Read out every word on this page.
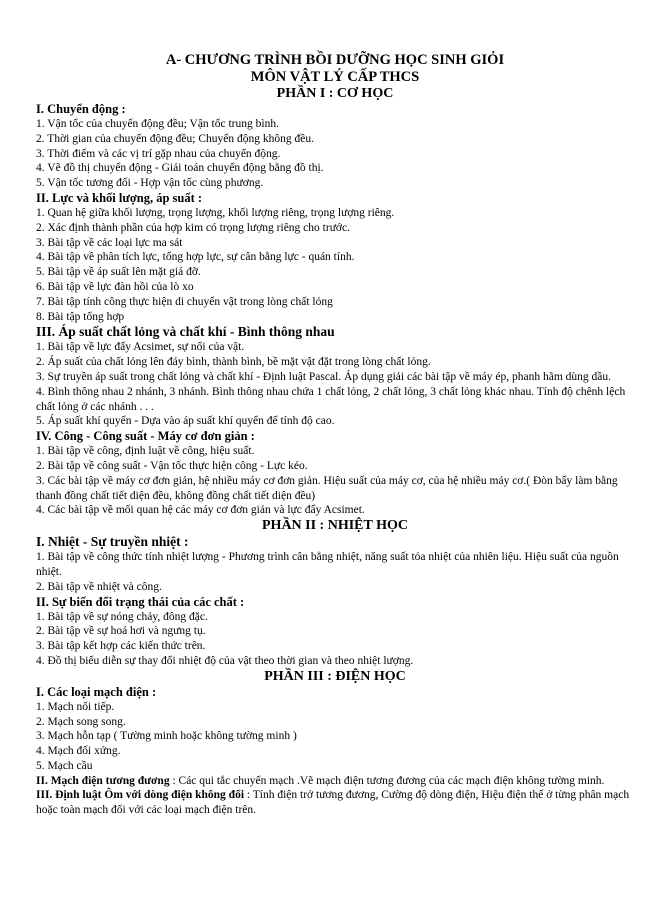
A- CHƯƠNG TRÌNH BỒI DƯỠNG HỌC SINH GIỎI

MÔN VẬT LÝ CẤP THCS

PHẦN I : CƠ HỌC

I. Chuyển động :

1. Vận tốc của chuyển động đều; Vận tốc trung bình.

2. Thời gian của chuyển động đều; Chuyển động không đều.

3. Thời điểm và các vị trí gặp nhau của chuyển động.

4. Vẽ đồ thị chuyển động - Giải toán chuyển động bằng đồ thị.

5. Vận tốc tương đối - Hợp vận tốc cùng phương.

II. Lực và khối lượng, áp suất :

1. Quan hệ giữa khối lượng, trọng lượng, khối lượng riêng, trọng lượng riêng.

2. Xác định thành phần của hợp kim có trọng lượng riêng cho trước.

3. Bài tập về các loại lực ma sát

4. Bài tập về phân tích lực, tổng hợp lực, sự cân bằng lực - quán tính.

5. Bài tập về áp suất lên mặt giá đỡ.

6. Bài tập về lực đàn hồi của lò xo

7. Bài tập tính công thực hiện di chuyển vật trong lòng chất lỏng

8. Bài tập tổng hợp

III. Áp suất chất lỏng và chất khí - Bình thông nhau

1. Bài tập về lực đẩy Acsimet, sự nổi của vật.

2. Áp suất của chất lỏng lên đáy bình, thành bình, bề mặt vật đặt trong lòng chất lỏng.

3. Sự truyền áp suất trong chất lỏng và chất khí - Định luật Pascal. Áp dụng giải các bài tập về máy ép, phanh hãm dùng dầu.

4. Bình thông nhau 2 nhánh, 3 nhánh. Bình thông nhau chứa 1 chất lỏng, 2 chất lỏng, 3 chất lỏng khác nhau. Tính độ chênh lệch chất lỏng ở các nhánh . . .

5. Áp suất khí quyển - Dựa vào áp suất khí quyển để tính độ cao.

IV. Công - Công suất - Máy cơ đơn giản :

1. Bài tập về công, định luật về công, hiệu suất.

2. Bài tập về công suất - Vận tốc thực hiện công - Lực kéo.

3. Các bài tập về máy cơ đơn giản, hệ nhiều máy cơ đơn giản. Hiệu suất của máy cơ, của hệ nhiều máy cơ.( Đòn bẩy làm bằng thanh đồng chất tiết diện đều, không đồng chất tiết diện đều)

4. Các bài tập về mối quan hệ các máy cơ đơn giản và lực đẩy Acsimet.

PHẦN II : NHIỆT HỌC

I. Nhiệt - Sự truyền nhiệt :

1. Bài tập về công thức tính nhiệt lượng - Phương trình cân bằng nhiệt, năng suất tỏa nhiệt của nhiên liệu. Hiệu suất của nguồn nhiệt.

2. Bài tập về nhiệt và công.

II. Sự biến đổi trạng thái của các chất :

1. Bài tập về sự nóng chảy, đông đặc.

2. Bài tập về sự hoá hơi và ngưng tụ.

3. Bài tập kết hợp các kiến thức trên.

4. Đồ thị biểu diễn sự thay đổi nhiệt độ của vật theo thời gian và theo nhiệt lượng.

PHẦN III : ĐIỆN HỌC

I. Các loại mạch điện :

1. Mạch nối tiếp.

2. Mạch song song.

3. Mạch hỗn tạp ( Tường minh hoặc không tường minh )

4. Mạch đối xứng.

5. Mạch cầu

II. Mạch điện tương đương : Các qui tắc chuyển mạch .Vẽ mạch điện tương đương của các mạch điện không tường minh.

III. Định luật Ôm với dòng điện không đổi : Tính điện trở tương đương, Cường độ dòng điện, Hiệu điện thế ở từng phân mạch hoặc toàn mạch đối với các loại mạch điện trên.
